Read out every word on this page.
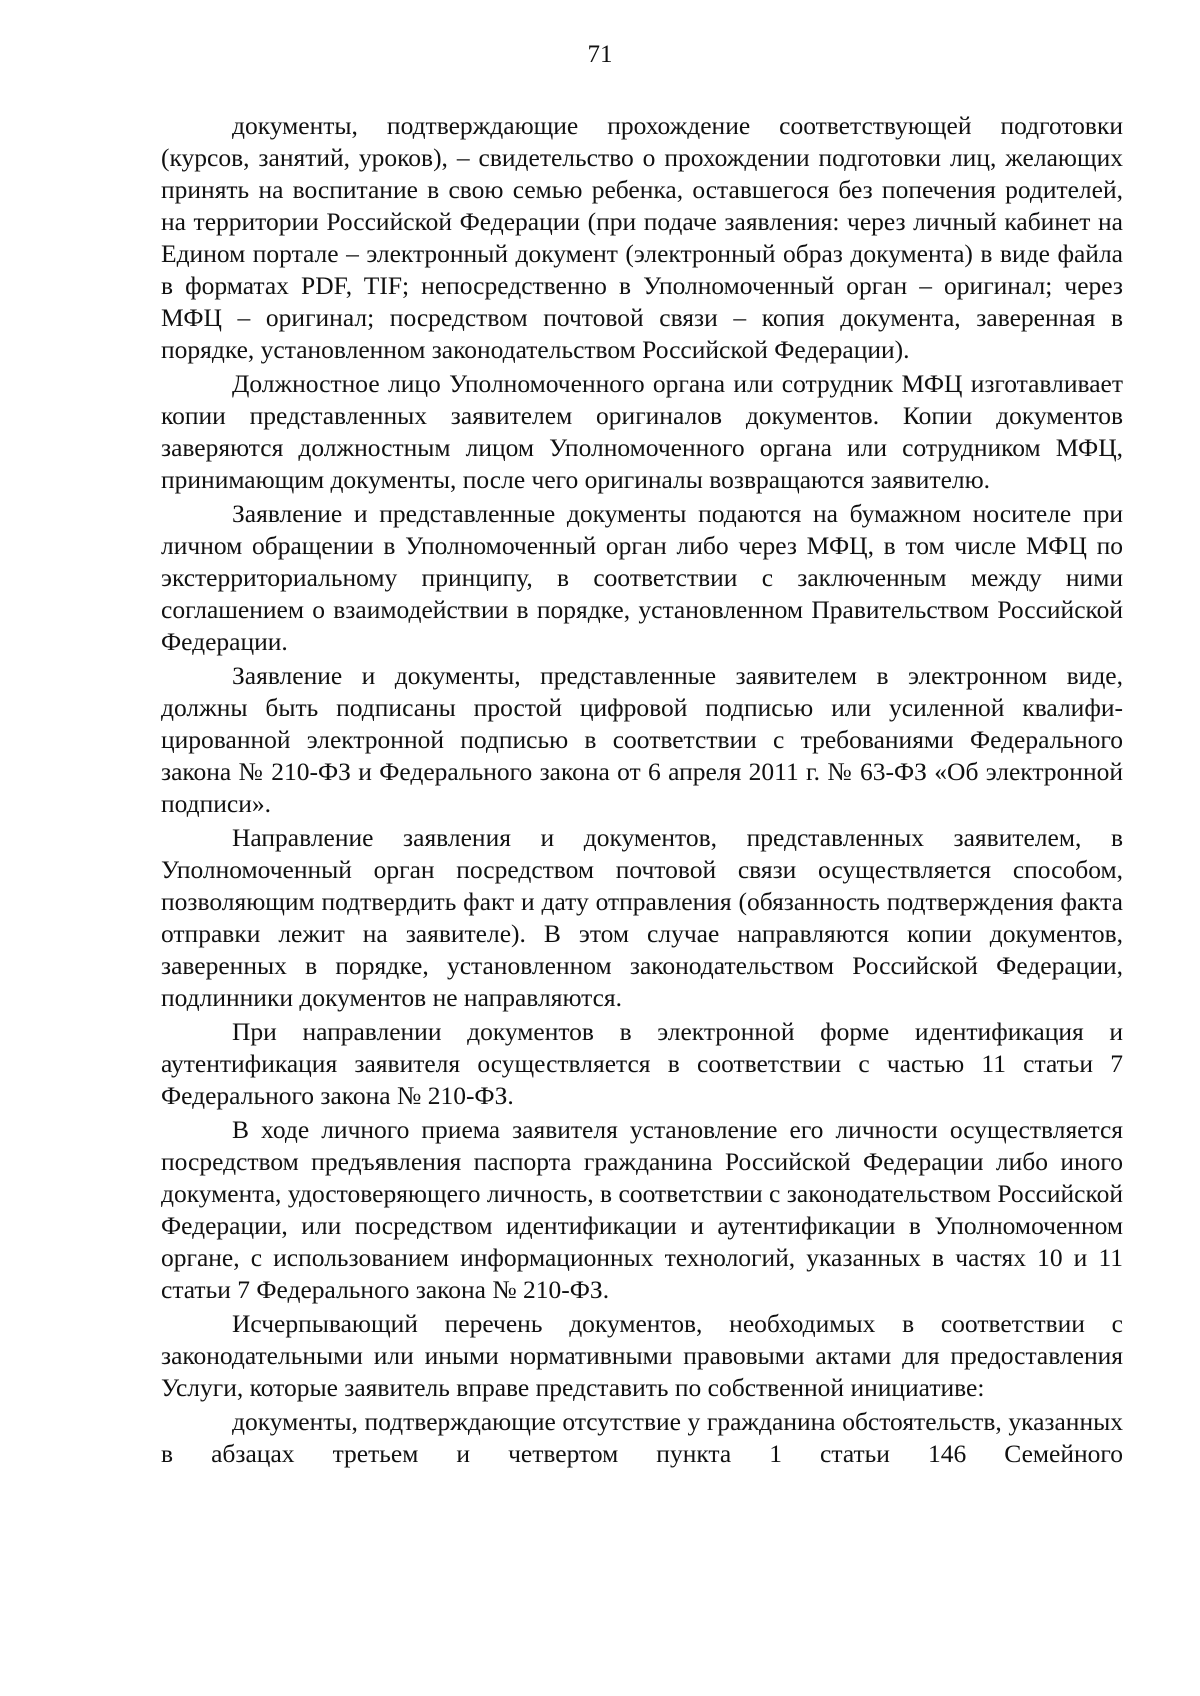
71

документы, подтверждающие прохождение соответствующей подготовки (курсов, занятий, уроков), – свидетельство о прохождении подготовки лиц, желающих принять на воспитание в свою семью ребенка, оставшегося без попечения родителей, на территории Российской Федерации (при подаче заявления: через личный кабинет на Едином портале – электронный документ (электронный образ документа) в виде файла в форматах PDF, TIF; непосредственно в Уполномоченный орган – оригинал; через МФЦ – оригинал; посредством почтовой связи – копия документа, заверенная в порядке, установленном законодательством Российской Федерации).

Должностное лицо Уполномоченного органа или сотрудник МФЦ изготавливает копии представленных заявителем оригиналов документов. Копии документов заверяются должностным лицом Уполномоченного органа или сотрудником МФЦ, принимающим документы, после чего оригиналы возвращаются заявителю.

Заявление и представленные документы подаются на бумажном носителе при личном обращении в Уполномоченный орган либо через МФЦ, в том числе МФЦ по экстерриториальному принципу, в соответствии с заключенным между ними соглашением о взаимодействии в порядке, установленном Правительством Российской Федерации.

Заявление и документы, представленные заявителем в электронном виде, должны быть подписаны простой цифровой подписью или усиленной квалифицированной электронной подписью в соответствии с требованиями Федерального закона № 210-ФЗ и Федерального закона от 6 апреля 2011 г. № 63-ФЗ «Об электронной подписи».

Направление заявления и документов, представленных заявителем, в Уполномоченный орган посредством почтовой связи осуществляется способом, позволяющим подтвердить факт и дату отправления (обязанность подтверждения факта отправки лежит на заявителе). В этом случае направляются копии документов, заверенных в порядке, установленном законодательством Российской Федерации, подлинники документов не направляются.

При направлении документов в электронной форме идентификация и аутентификация заявителя осуществляется в соответствии с частью 11 статьи 7 Федерального закона № 210-ФЗ.

В ходе личного приема заявителя установление его личности осуществляется посредством предъявления паспорта гражданина Российской Федерации либо иного документа, удостоверяющего личность, в соответствии с законодательством Российской Федерации, или посредством идентификации и аутентификации в Уполномоченном органе, с использованием информационных технологий, указанных в частях 10 и 11 статьи 7 Федерального закона № 210-ФЗ.

Исчерпывающий перечень документов, необходимых в соответствии с законодательными или иными нормативными правовыми актами для предоставления Услуги, которые заявитель вправе представить по собственной инициативе:

документы, подтверждающие отсутствие у гражданина обстоятельств, указанных в абзацах третьем и четвертом пункта 1 статьи 146 Семейного
